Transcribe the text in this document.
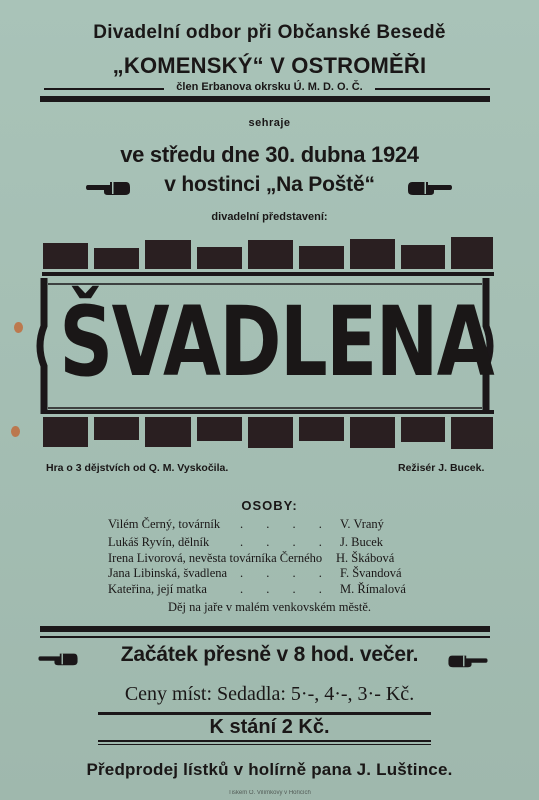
Divadelní odbor při Občanské Besedě
„KOMENSKÝ“ V OSTROMĚŘI
člen Erbanova okrsku Ú. M. D. O. Č.
sehraje
ve středu dne 30. dubna 1924
v hostinci „Na Poště“
divadelní představení:
ŠVADLENA
Hra o 3 dějstvích od Q. M. Vyskočila.	Režisér J. Bucek.
OSOBY:
Vilém Černý, továrník . . . . V. Vraný
Lukáš Ryvín, dělník . . . . J. Bucek
Irena Livorová, nevěsta továrníka Černého H. Škábová
Jana Libinská, švadlena . . . . F. Švandová
Kateřina, její matka	. . . . M. Římalová
Děj na jaře v malém venkovském městě.
Začátek přesně v 8 hod. večer.
Ceny míst: Sedadla: 5·-, 4·-, 3·- Kč.
K stání 2 Kč.
Předprodej lístků v holírně pana J. Luštince.
Tiskem O. Vilímkovy v Hořicích
